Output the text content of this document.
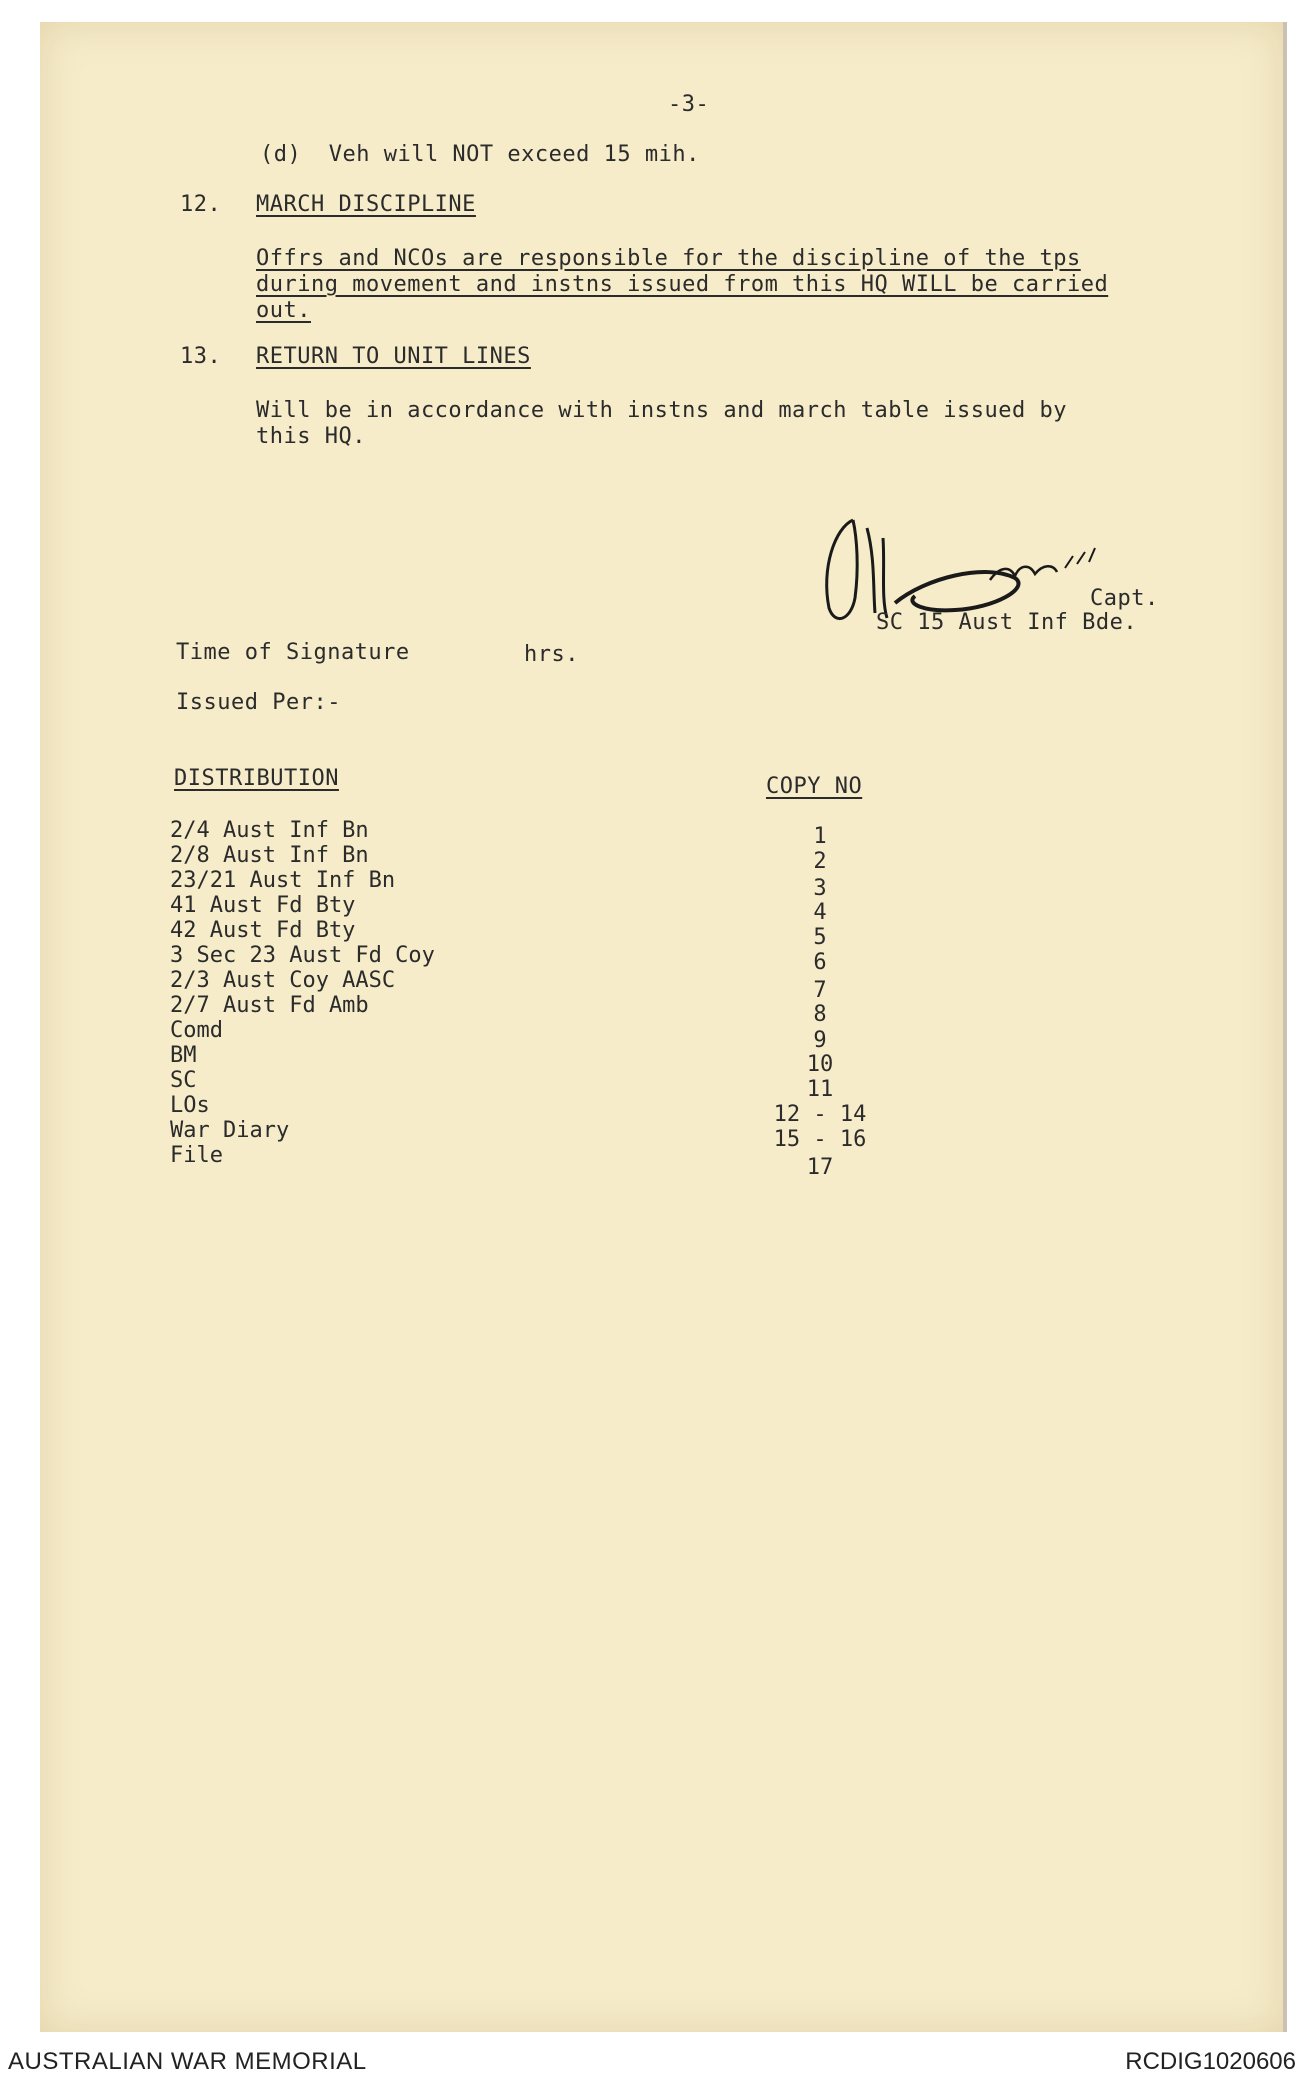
-3-
(d)  Veh will NOT exceed 15 mih.
12. MARCH DISCIPLINE
Offrs and NCOs are responsible for the discipline of the tps
during movement and instns issued from this HQ WILL be carried
out.
13. RETURN TO UNIT LINES
Will be in accordance with instns and march table issued by
this HQ.
Capt.
SC 15 Aust Inf Bde.
Time of Signature	hrs.
Issued Per:-
DISTRIBUTION	COPY NO
2/4 Aust Inf Bn	1
2/8 Aust Inf Bn	2
23/21 Aust Inf Bn	3
41 Aust Fd Bty	4
42 Aust Fd Bty	5
3 Sec 23 Aust Fd Coy	6
2/3 Aust Coy AASC	7
2/7 Aust Fd Amb	8
Comd	9
BM	10
SC	11
LOs	12 - 14
War Diary	15 - 16
File	17
AUSTRALIAN WAR MEMORIAL	RCDIG1020606
